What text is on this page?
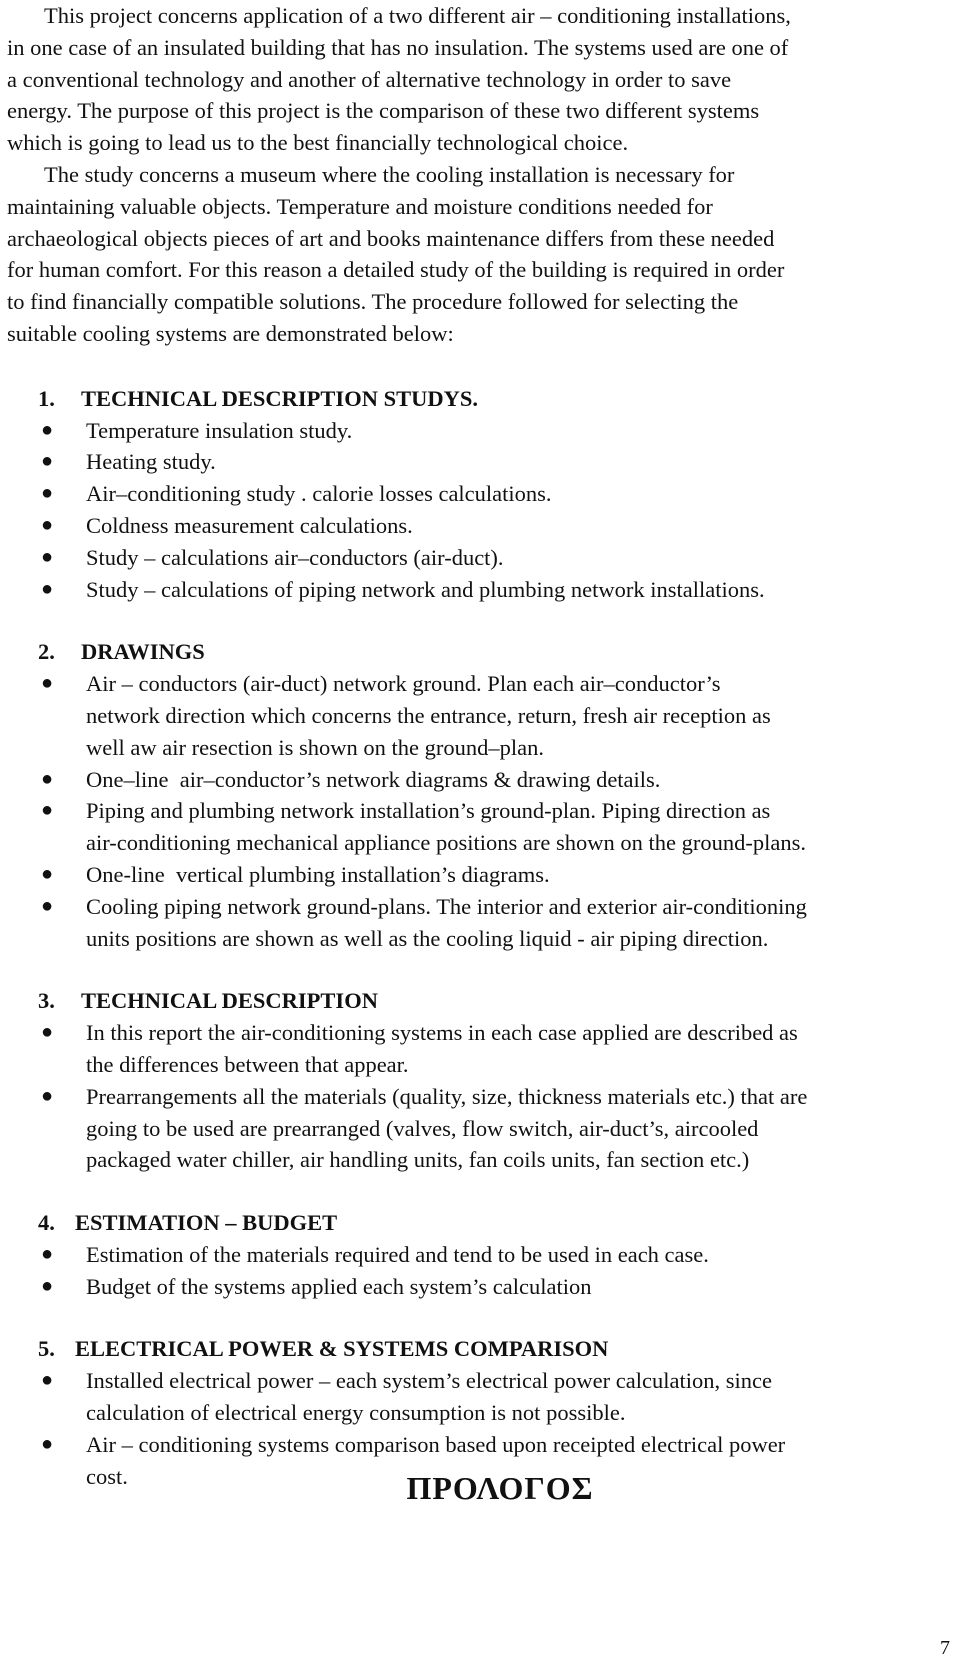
This project concerns application of a two different air – conditioning installations,
in one case of an insulated building that has no insulation. The systems used are one of
a conventional technology and another of alternative technology in order to save
energy. The purpose of this project is the comparison of these two different systems
which is going to lead us to the best financially technological choice.
The study concerns a museum where the cooling installation is necessary for
maintaining valuable objects. Temperature and moisture conditions needed for
archaeological objects pieces of art and books maintenance differs from these needed
for human comfort. For this reason a detailed study of the building is required in order
to find financially compatible solutions. The procedure followed for selecting the
suitable cooling systems are demonstrated below:
1. TECHNICAL DESCRIPTION STUDYS.
● Temperature insulation study.
● Heating study.
● Air–conditioning study . calorie losses calculations.
● Coldness measurement calculations.
● Study – calculations air–conductors (air-duct).
● Study – calculations of piping network and plumbing network installations.
2. DRAWINGS
● Air – conductors (air-duct) network ground. Plan each air–conductor’s
network direction which concerns the entrance, return, fresh air reception as
well aw air resection is shown on the ground–plan.
● One–line  air–conductor’s network diagrams & drawing details.
● Piping and plumbing network installation’s ground-plan. Piping direction as
air-conditioning mechanical appliance positions are shown on the ground-plans.
● One-line  vertical plumbing installation’s diagrams.
● Cooling piping network ground-plans. The interior and exterior air-conditioning
units positions are shown as well as the cooling liquid - air piping direction.
3. TECHNICAL DESCRIPTION
● In this report the air-conditioning systems in each case applied are described as
the differences between that appear.
● Prearrangements all the materials (quality, size, thickness materials etc.) that are
going to be used are prearranged (valves, flow switch, air-duct’s, aircooled
packaged water chiller, air handling units, fan coils units, fan section etc.)
4. ESTIMATION – BUDGET
● Estimation of the materials required and tend to be used in each case.
● Budget of the systems applied each system’s calculation
5. ELECTRICAL POWER & SYSTEMS COMPARISON
● Installed electrical power – each system’s electrical power calculation, since
calculation of electrical energy consumption is not possible.
● Air – conditioning systems comparison based upon receipted electrical power
cost.	ΠΡΟΛΟΓΟΣ
7
